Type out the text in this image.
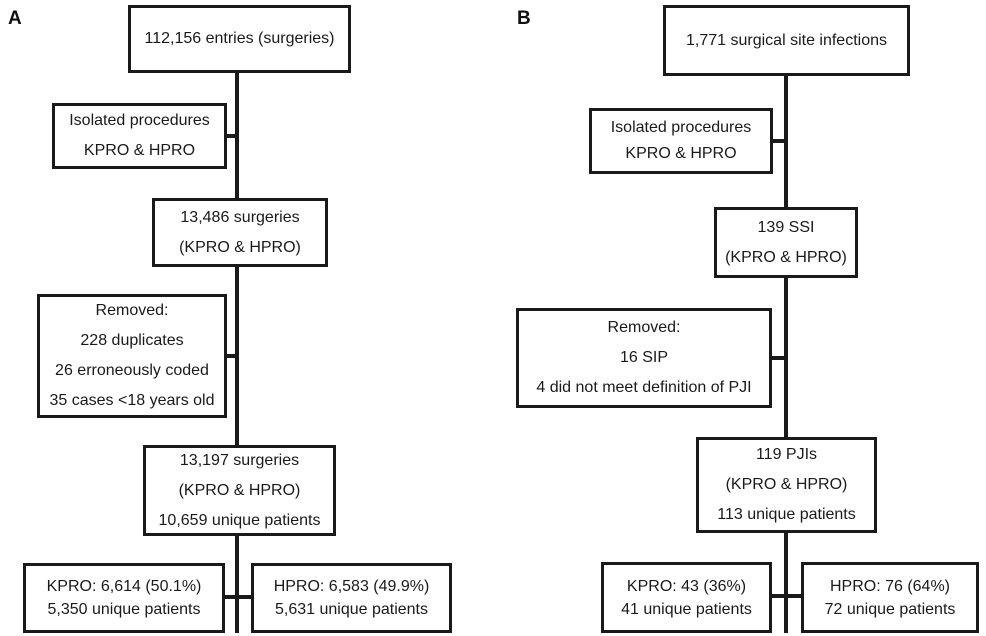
A
112,156 entries (surgeries)
Isolated procedures
KPRO & HPRO
13,486 surgeries
(KPRO & HPRO)
Removed:
228 duplicates
26 erroneously coded
35 cases <18 years old
13,197 surgeries
(KPRO & HPRO)
10,659 unique patients
KPRO: 6,614 (50.1%)
5,350 unique patients
HPRO: 6,583 (49.9%)
5,631 unique patients
B
1,771 surgical site infections
Isolated procedures
KPRO & HPRO
139 SSI
(KPRO & HPRO)
Removed:
16 SIP
4 did not meet definition of PJI
119 PJIs
(KPRO & HPRO)
113 unique patients
KPRO: 43 (36%)
41 unique patients
HPRO: 76 (64%)
72 unique patients
